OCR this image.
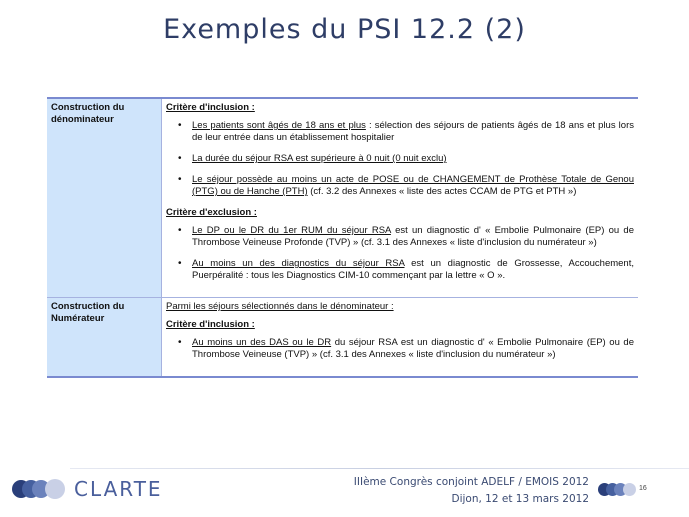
Exemples du PSI 12.2 (2)
Construction du dénominateur
Critère d'inclusion :
• Les patients sont âgés de 18 ans et plus : sélection des séjours de patients âgés de 18 ans et plus lors de leur entrée dans un établissement hospitalier
• La durée du séjour RSA est supérieure à 0 nuit (0 nuit exclu)
• Le séjour possède au moins un acte de POSE ou de CHANGEMENT de Prothèse Totale de Genou (PTG) ou de Hanche (PTH) (cf. 3.2 des Annexes « liste des actes CCAM de PTG et PTH »)
Critère d'exclusion :
• Le DP ou le DR du 1er RUM du séjour RSA est un diagnostic d' « Embolie Pulmonaire (EP) ou de Thrombose Veineuse Profonde (TVP) » (cf. 3.1 des Annexes « liste d'inclusion du numérateur »)
• Au moins un des diagnostics du séjour RSA est un diagnostic de Grossesse, Accouchement, Puerpéralité : tous les Diagnostics CIM-10 commençant par la lettre « O ».
Construction du Numérateur
Parmi les séjours sélectionnés dans le dénominateur :
Critère d'inclusion :
• Au moins un des DAS ou le DR du séjour RSA est un diagnostic d' « Embolie Pulmonaire (EP) ou de Thrombose Veineuse (TVP) » (cf. 3.1 des Annexes « liste d'inclusion du numérateur »)
CLARTE	IIIème Congrès conjoint ADELF / EMOIS 2012
Dijon, 12 et 13 mars 2012
16
